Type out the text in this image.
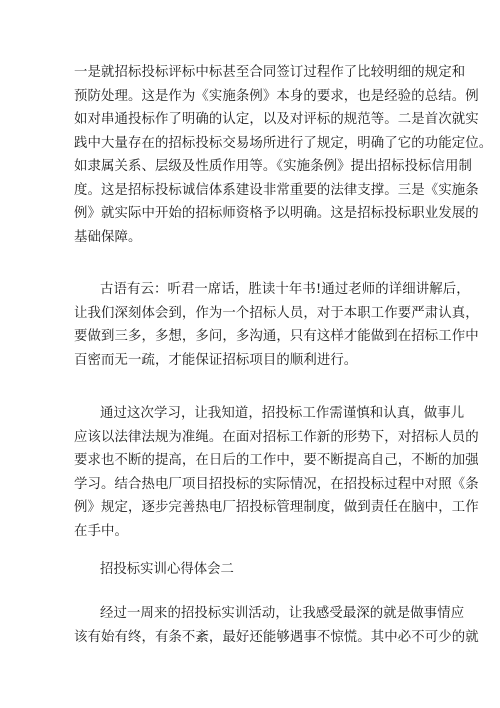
一是就招标投标评标中标甚至合同签订过程作了比较明细的规定和
预防处理。这是作为《实施条例》本身的要求，也是经验的总结。例
如对串通投标作了明确的认定，以及对评标的规范等。二是首次就实
践中大量存在的招标投标交易场所进行了规定，明确了它的功能定位。
如隶属关系、层级及性质作用等。《实施条例》提出招标投标信用制
度。这是招标投标诚信体系建设非常重要的法律支撑。三是《实施条
例》就实际中开始的招标师资格予以明确。这是招标投标职业发展的
基础保障。
古语有云：听君一席话，胜读十年书!通过老师的详细讲解后，
让我们深刻体会到，作为一个招标人员，对于本职工作要严肃认真，
要做到三多，多想，多问，多沟通，只有这样才能做到在招标工作中
百密而无一疏，才能保证招标项目的顺利进行。
通过这次学习，让我知道，招投标工作需谨慎和认真，做事儿
应该以法律法规为准绳。在面对招标工作新的形势下，对招标人员的
要求也不断的提高，在日后的工作中，要不断提高自己，不断的加强
学习。结合热电厂项目招投标的实际情况，在招投标过程中对照《条
例》规定，逐步完善热电厂招投标管理制度，做到责任在脑中，工作
在手中。
招投标实训心得体会二
经过一周来的招投标实训活动，让我感受最深的就是做事情应
该有始有终，有条不紊，最好还能够遇事不惊慌。其中必不可少的就
